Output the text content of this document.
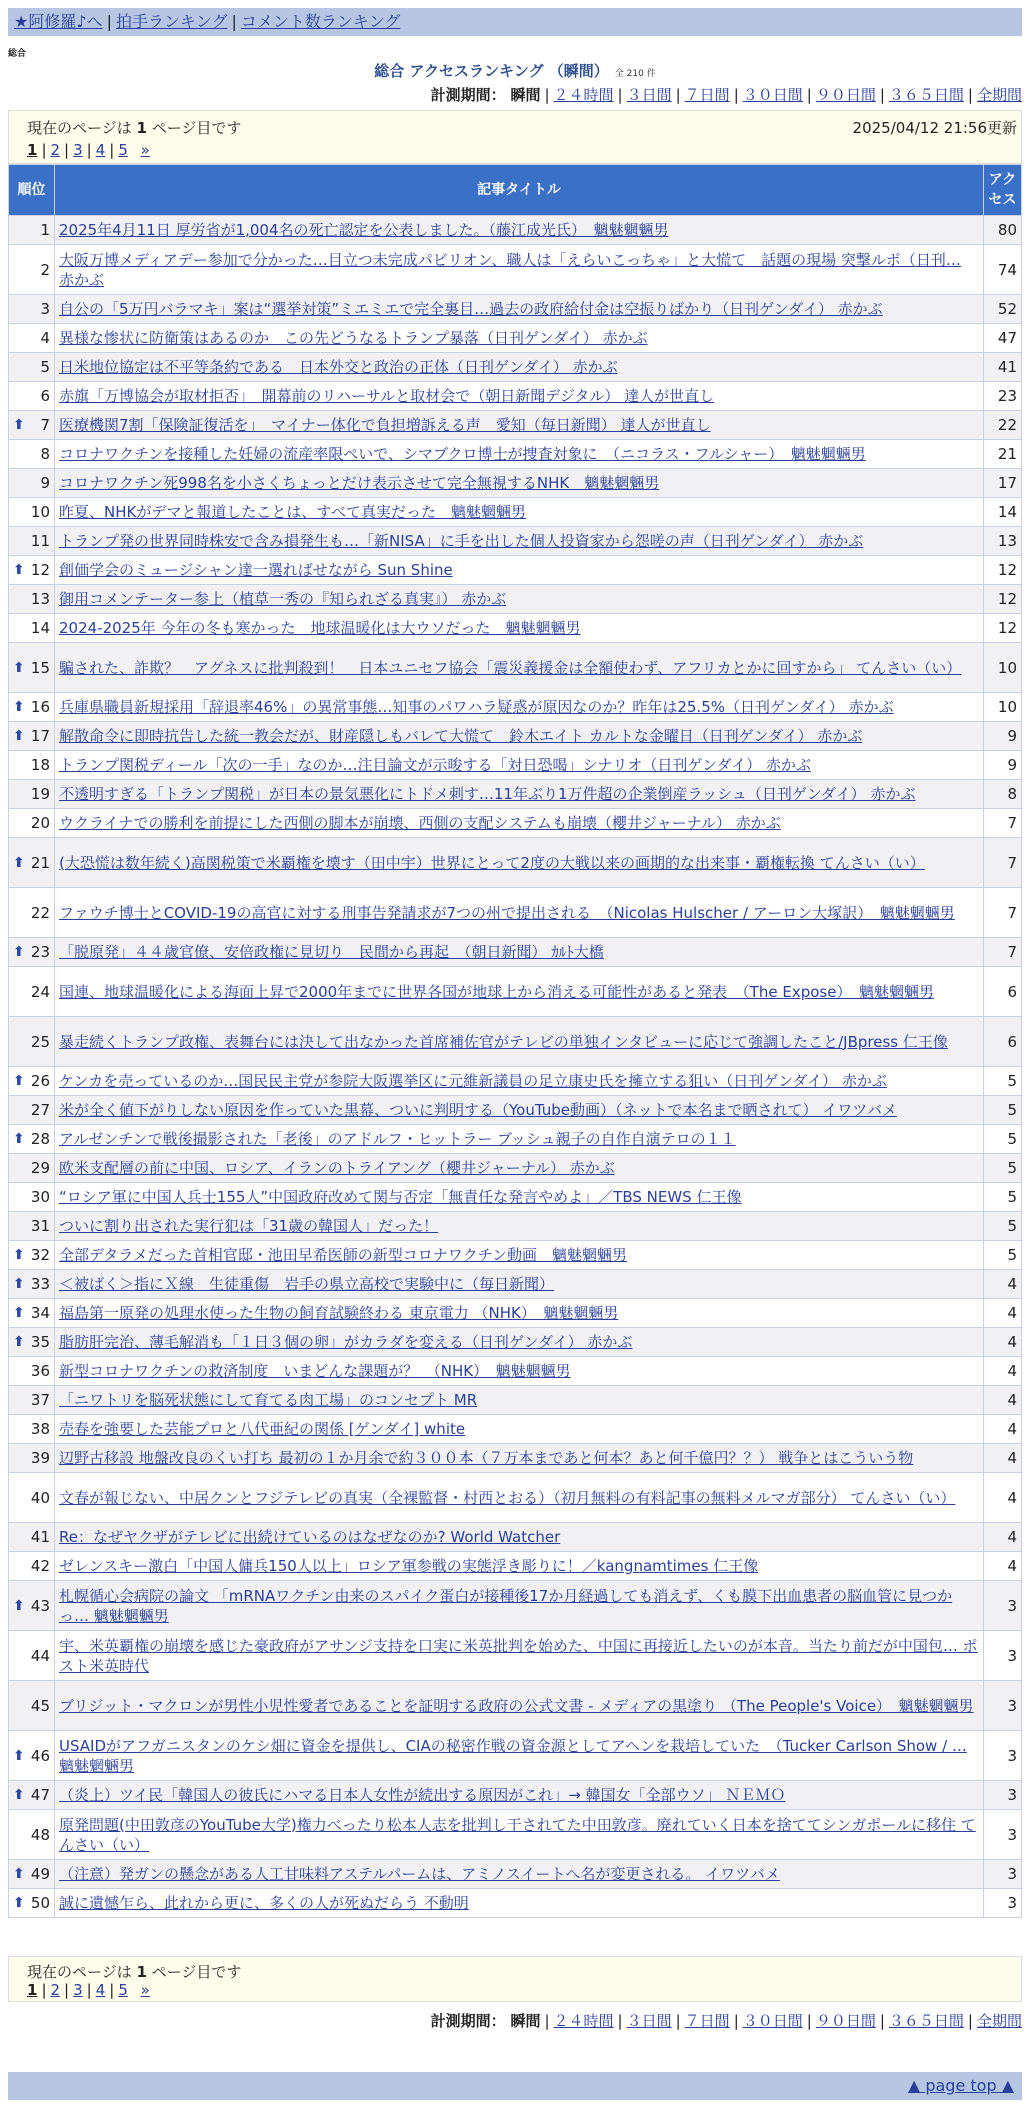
★阿修羅♪へ | 拍手ランキング | コメント数ランキング
総合
総合 アクセスランキング （瞬間） 全 210 件
計測期間： 瞬間 | ２４時間 | ３日間 | ７日間 | ３０日間 | ９０日間 | ３６５日間 | 全期間
現在のページは 1 ページ目です	2025/04/12 21:56更新
1 | 2 | 3 | 4 | 5 »
順位	記事タイトル	アクセス
1	2025年4月11日 厚労省が1,004名の死亡認定を公表しました。（藤江成光氏）　魑魅魍魎男	80
2	大阪万博メディアデー参加で分かった…目立つ未完成パビリオン、職人は「えらいこっちゃ」と大慌て　話題の現場 突撃ルポ（日刊… 赤かぶ	74
3	自公の「5万円バラマキ」案は“選挙対策”ミエミエで完全裏目…過去の政府給付金は空振りばかり（日刊ゲンダイ） 赤かぶ	52
4	異様な惨状に防衛策はあるのか　この先どうなるトランプ暴落（日刊ゲンダイ） 赤かぶ	47
5	日米地位協定は不平等条約である　日本外交と政治の正体（日刊ゲンダイ） 赤かぶ	41
6	赤旗「万博協会が取材拒否」　開幕前のリハーサルと取材会で（朝日新聞デジタル） 達人が世直し	23

⬆ 7	医療機関7割「保険証復活を」　マイナー体化で負担増訴える声　愛知（毎日新聞） 達人が世直し	22
8	コロナワクチンを接種した妊婦の流産率限ぺいで、シマブクロ博士が捜査対象に　（ニコラス・フルシャー）　魑魅魍魎男	21
9	コロナワクチン死998名を小さくちょっとだけ表示させて完全無視するNHK　魑魅魍魎男	17
10	昨夏、NHKがデマと報道したことは、すべて真実だった　魑魅魍魎男	14
11	トランプ発の世界同時株安で含み損発生も…「新NISA」に手を出した個人投資家から怨嗟の声（日刊ゲンダイ） 赤かぶ	13

⬆ 12	創価学会のミュージシャン達一選ればせながら Sun Shine	12
13	御用コメンテーター参上（植草一秀の『知られざる真実』） 赤かぶ	12
14	2024-2025年 今年の冬も寒かった　地球温暖化は大ウソだった　魑魅魍魎男	12

⬆ 15	騙された、詐欺？　アグネスに批判殺到！　日本ユニセフ協会「震災義援金は全額使わず、アフリカとかに回すから」 てんさい（い）	10

⬆ 16	兵庫県職員新規採用「辞退率46%」の異常事態…知事のパワハラ疑惑が原因なのか？昨年は25.5%（日刊ゲンダイ） 赤かぶ	10

⬆ 17	解散命令に即時抗告した統一教会だが、財産隠しもバレて大慌て　鈴木エイト カルトな金曜日（日刊ゲンダイ） 赤かぶ	9
18	トランプ関税ディール「次の一手」なのか…注目論文が示唆する「対日恐喝」シナリオ（日刊ゲンダイ） 赤かぶ	9
19	不透明すぎる「トランプ関税」が日本の景気悪化にトドメ刺す…11年ぶり1万件超の企業倒産ラッシュ（日刊ゲンダイ） 赤かぶ	8
20	ウクライナでの勝利を前提にした西側の脚本が崩壊、西側の支配システムも崩壊（櫻井ジャーナル） 赤かぶ	7

⬆ 21	(大恐慌は数年続く)高関税策で米覇権を壊す（田中宇）世界にとって2度の大戦以来の画期的な出来事・覇権転換 てんさい（い）	7
22	ファウチ博士とCOVID-19の高官に対する刑事告発請求が7つの州で提出される　（Nicolas Hulscher / アーロン大塚訳）　魑魅魍魎男	7

⬆ 23	「脱原発」４４歳官僚、安倍政権に見切り　民間から再起　（朝日新聞） ｶﾙﾄ大橋	7
24	国連、地球温暖化による海面上昇で2000年までに世界各国が地球上から消える可能性があると発表　（The Expose）　魑魅魍魎男	6
25	暴走続くトランプ政権、表舞台には決して出なかった首席補佐官がテレビの単独インタビューに応じて強調したこと/JBpress 仁王像	6

⬆ 26	ケンカを売っているのか…国民民主党が参院大阪選挙区に元維新議員の足立康史氏を擁立する狙い（日刊ゲンダイ） 赤かぶ	5
27	米が全く値下がりしない原因を作っていた黒幕、ついに判明する（YouTube動画）（ネットで本名まで晒されて） イワツバメ	5

⬆ 28	アルゼンチンで戦後撮影された「老後」のアドルフ・ヒットラー ブッシュ親子の自作自演テロの１１	5
29	欧米支配層の前に中国、ロシア、イランのトライアング（櫻井ジャーナル） 赤かぶ	5
30	“ロシア軍に中国人兵士155人”中国政府改めて関与否定「無責任な発言やめよ」／TBS NEWS 仁王像	5
31	ついに割り出された実行犯は「31歳の韓国人」だった！	5

⬆ 32	全部デタラメだった首相官邸・池田早希医師の新型コロナワクチン動画　魑魅魍魎男	5

⬆ 33	＜被ばく＞指にＸ線　生徒重傷　岩手の県立高校で実験中に（毎日新聞）	4

⬆ 34	福島第一原発の処理水使った生物の飼育試験終わる 東京電力 （NHK）　魑魅魍魎男	4

⬆ 35	脂肪肝完治、薄毛解消も「１日３個の卵」がカラダを変える（日刊ゲンダイ） 赤かぶ	4
36	新型コロナワクチンの救済制度　いまどんな課題が？　（NHK）　魑魅魍魎男	4
37	「ニワトリを脳死状態にして育てる肉工場」のコンセプト MR	4
38	売春を強要した芸能プロと八代亜紀の関係 [ゲンダイ] white	4
39	辺野古移設 地盤改良のくい打ち 最初の１か月余で約３００本（７万本まであと何本？あと何千億円？？） 戦争とはこういう物	4
40	文春が報じない、中居クンとフジテレビの真実（全裸監督・村西とおる）（初月無料の有料記事の無料メルマガ部分） てんさい（い）	4
41	Re：なぜヤクザがテレビに出続けているのはなぜなのか? World Watcher	4
42	ゼレンスキー激白「中国人傭兵150人以上」ロシア軍参戦の実態浮き彫りに！／kangnamtimes 仁王像	4

⬆ 43	札幌循心会病院の論文 「mRNAワクチン由来のスパイク蛋白が接種後17か月経過しても消えず、くも膜下出血患者の脳血管に見つかっ… 魑魅魍魎男	3
44	宇、米英覇権の崩壊を感じた豪政府がアサンジ支持を口実に米英批判を始めた、中国に再接近したいのが本音。当たり前だが中国包… ポスト米英時代	3
45	ブリジット・マクロンが男性小児性愛者であることを証明する政府の公式文書 - メディアの黒塗り （The People's Voice）　魑魅魍魎男	3

⬆ 46	USAIDがアフガニスタンのケシ畑に資金を提供し、CIAの秘密作戦の資金源としてアヘンを栽培していた　（Tucker Carlson Show / … 魑魅魍魎男	3

⬆ 47	（炎上）ツイ民「韓国人の彼氏にハマる日本人女性が続出する原因がこれ」→ 韓国女「全部ウソ」 ＮＥＭＯ	3
48	原発問題(中田敦彦のYouTube大学)権力べったり松本人志を批判し干されてた中田敦彦。廃れていく日本を捨ててシンガポールに移住 てんさい（い）	3

⬆ 49	（注意）発ガンの懸念がある人工甘味料アステルパームは、アミノスイートへ名が変更される。 イワツバメ	3

⬆ 50	誠に遺憾乍ら、此れから更に、多くの人が死ぬだらう 不動明	3
現在のページは 1 ページ目です
1 | 2 | 3 | 4 | 5 »
計測期間： 瞬間 | ２４時間 | ３日間 | ７日間 | ３０日間 | ９０日間 | ３６５日間 | 全期間
▲ page top ▲
